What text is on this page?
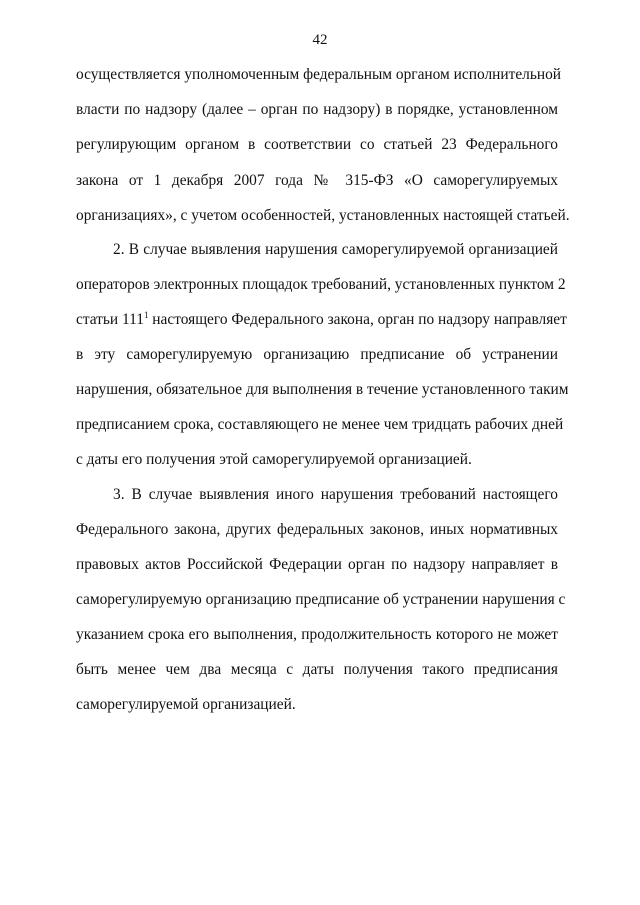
42
осуществляется уполномоченным федеральным органом исполнительной
власти по надзору (далее – орган по надзору) в порядке, установленном
регулирующим органом в соответствии со статьей 23 Федерального
закона от 1 декабря 2007 года № 315-ФЗ «О саморегулируемых
организациях», с учетом особенностей, установленных настоящей статьей.
2. В случае выявления нарушения саморегулируемой организацией
операторов электронных площадок требований, установленных пунктом 2
статьи $111^1$ настоящего Федерального закона, орган по надзору направляет
в эту саморегулируемую организацию предписание об устранении
нарушения, обязательное для выполнения в течение установленного таким
предписанием срока, составляющего не менее чем тридцать рабочих дней
с даты его получения этой саморегулируемой организацией.
3. В случае выявления иного нарушения требований настоящего
Федерального закона, других федеральных законов, иных нормативных
правовых актов Российской Федерации орган по надзору направляет в
саморегулируемую организацию предписание об устранении нарушения с
указанием срока его выполнения, продолжительность которого не может
быть менее чем два месяца с даты получения такого предписания
саморегулируемой организацией.
